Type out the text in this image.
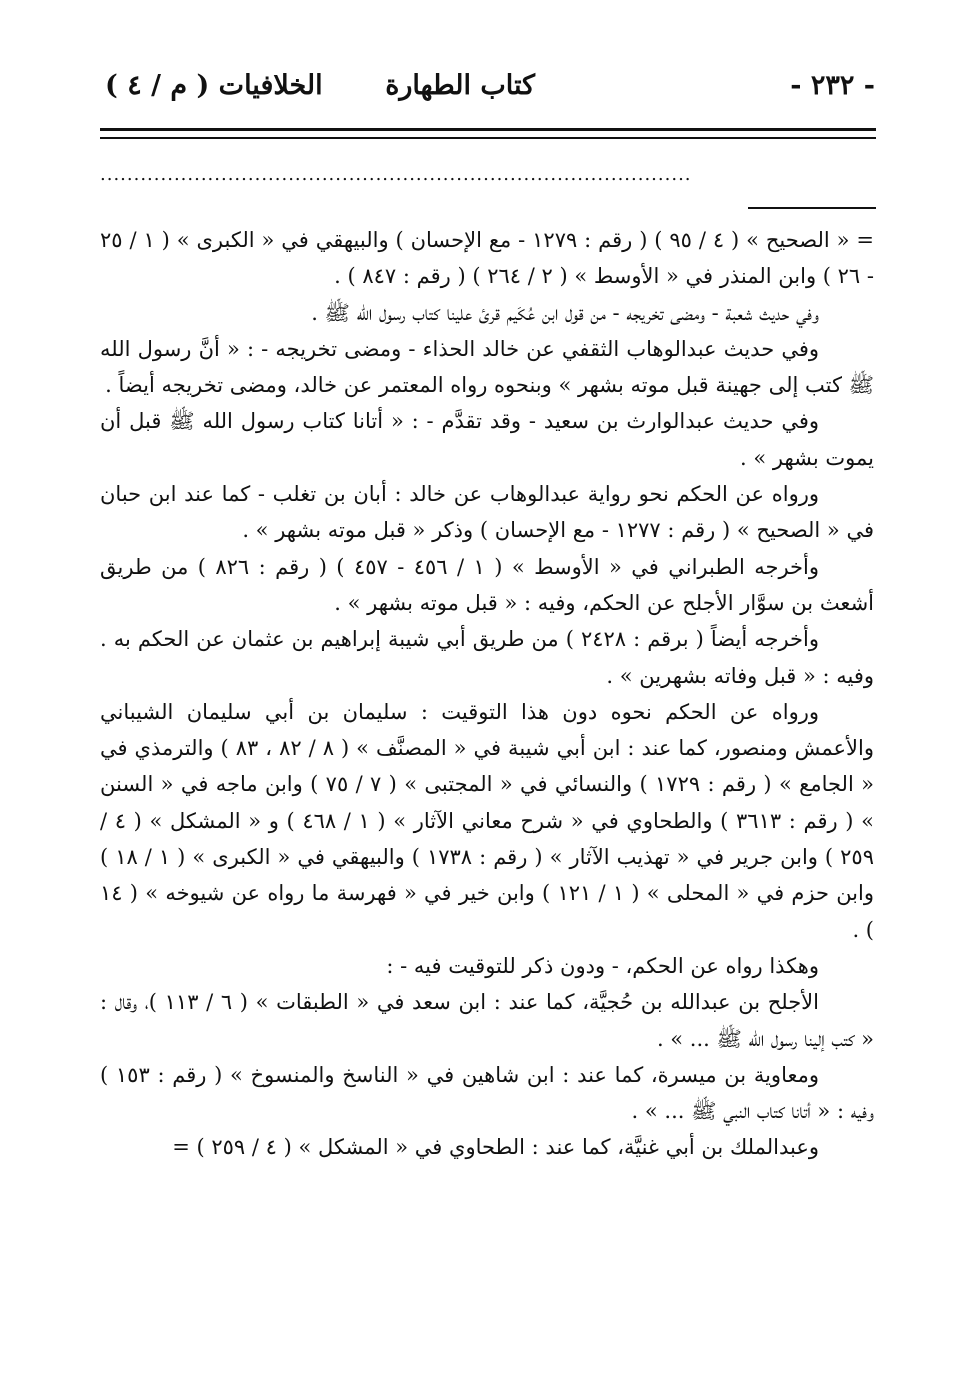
- ٢٣٢ -
كتاب الطهارة
الخلافيات ( م / ٤ )
........................................................................................

= « الصحيح » ( ٤ / ٩٥ ) ( رقم : ١٢٧٩ - مع الإحسان ) والبيهقي في « الكبرى » ( ١ / ٢٥ - ٢٦ ) وابن المنذر في « الأوسط » ( ٢ / ٢٦٤ ) ( رقم : ٨٤٧ ) .

وفي حديث شعبة - ومضى تخريجه - من قول ابن عُكَيم قرئ علينا كتاب رسول الله ﷺ .

وفي حديث عبدالوهاب الثقفي عن خالد الحذاء - ومضى تخريجه - : « أنَّ رسول الله ﷺ كتب إلى جهينة قبل موته بشهر » وبنحوه رواه المعتمر عن خالد، ومضى تخريجه أيضاً .

وفي حديث عبدالوارث بن سعيد - وقد تقدَّم - : « أتانا كتاب رسول الله ﷺ قبل أن يموت بشهر » .

ورواه عن الحكم نحو رواية عبدالوهاب عن خالد : أبان بن تغلب - كما عند ابن حبان في « الصحيح » ( رقم : ١٢٧٧ - مع الإحسان ) وذكر « قبل موته بشهر » .

وأخرجه الطبراني في « الأوسط » ( ١ / ٤٥٦ - ٤٥٧ ) ( رقم : ٨٢٦ ) من طريق أشعث بن سوَّار الأجلح عن الحكم، وفيه : « قبل موته بشهر » .

وأخرجه أيضاً ( برقم : ٢٤٢٨ ) من طريق أبي شيبة إبراهيم بن عثمان عن الحكم به . وفيه : « قبل وفاته بشهرين » .

ورواه عن الحكم نحوه دون هذا التوقيت : سليمان بن أبي سليمان الشيباني والأعمش ومنصور، كما عند : ابن أبي شيبة في « المصنَّف » ( ٨ / ٨٢ ، ٨٣ ) والترمذي في « الجامع » ( رقم : ١٧٢٩ ) والنسائي في « المجتبى » ( ٧ / ٧٥ ) وابن ماجه في « السنن » ( رقم : ٣٦١٣ ) والطحاوي في « شرح معاني الآثار » ( ١ / ٤٦٨ ) و « المشكل » ( ٤ / ٢٥٩ ) وابن جرير في « تهذيب الآثار » ( رقم : ١٧٣٨ ) والبيهقي في « الكبرى » ( ١ / ١٨ ) وابن حزم في « المحلى » ( ١ / ١٢١ ) وابن خير في « فهرسة ما رواه عن شيوخه » ( ١٤ ) .

وهكذا رواه عن الحكم، - ودون ذكر للتوقيت فيه - :

الأجلح بن عبدالله بن حُجيَّة، كما عند : ابن سعد في « الطبقات » ( ٦ / ١١٣ )، وقال : « كتب إلينا رسول الله ﷺ ... » .

ومعاوية بن ميسرة، كما عند : ابن شاهين في « الناسخ والمنسوخ » ( رقم : ١٥٣ ) وفيه : « أتانا كتاب النبي ﷺ ... » .

وعبدالملك بن أبي غنيَّة، كما عند : الطحاوي في « المشكل » ( ٤ / ٢٥٩ ) =
